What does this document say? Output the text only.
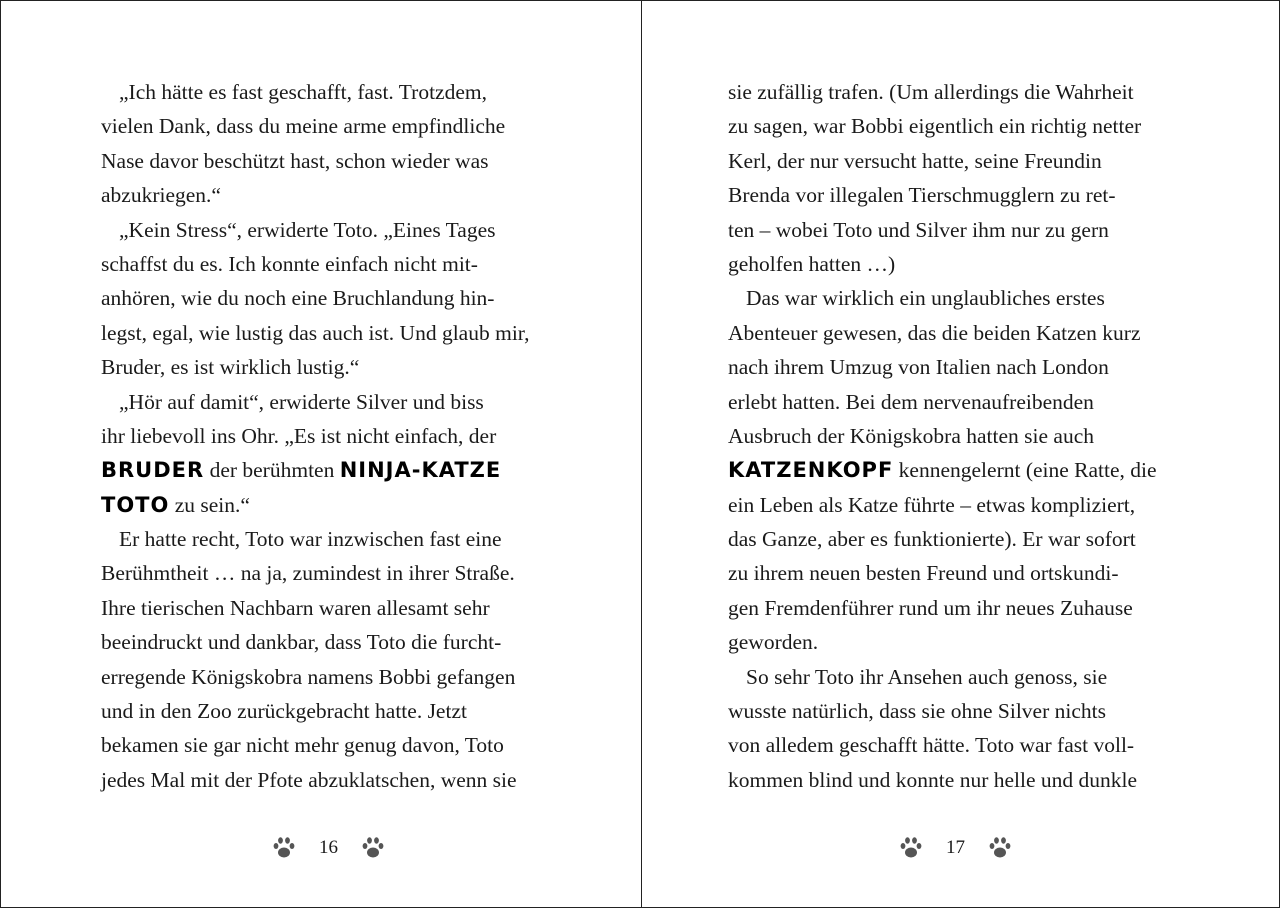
„Ich hätte es fast geschafft, fast. Trotzdem,
vielen Dank, dass du meine arme empfindliche
Nase davor beschützt hast, schon wieder was
abzukriegen.“
„Kein Stress“, erwiderte Toto. „Eines Tages
schaffst du es. Ich konnte einfach nicht mit-
anhören, wie du noch eine Bruchlandung hin-
legst, egal, wie lustig das auch ist. Und glaub mir,
Bruder, es ist wirklich lustig.“
„Hör auf damit“, erwiderte Silver und biss
ihr liebevoll ins Ohr. „Es ist nicht einfach, der
BRUDER der berühmten NINJA-KATZE
TOTO zu sein.“
Er hatte recht, Toto war inzwischen fast eine
Berühmtheit … na ja, zumindest in ihrer Straße.
Ihre tierischen Nachbarn waren allesamt sehr
beeindruckt und dankbar, dass Toto die furcht-
erregende Königskobra namens Bobbi gefangen
und in den Zoo zurückgebracht hatte. Jetzt
bekamen sie gar nicht mehr genug davon, Toto
jedes Mal mit der Pfote abzuklatschen, wenn sie
16
sie zufällig trafen. (Um allerdings die Wahrheit
zu sagen, war Bobbi eigentlich ein richtig netter
Kerl, der nur versucht hatte, seine Freundin
Brenda vor illegalen Tierschmugglern zu ret-
ten – wobei Toto und Silver ihm nur zu gern
geholfen hatten …)
Das war wirklich ein unglaubliches erstes
Abenteuer gewesen, das die beiden Katzen kurz
nach ihrem Umzug von Italien nach London
erlebt hatten. Bei dem nervenaufreibenden
Ausbruch der Königskobra hatten sie auch
KATZENKOPF kennengelernt (eine Ratte, die
ein Leben als Katze führte – etwas kompliziert,
das Ganze, aber es funktionierte). Er war sofort
zu ihrem neuen besten Freund und ortskundi-
gen Fremdenführer rund um ihr neues Zuhause
geworden.
So sehr Toto ihr Ansehen auch genoss, sie
wusste natürlich, dass sie ohne Silver nichts
von alledem geschafft hätte. Toto war fast voll-
kommen blind und konnte nur helle und dunkle
17
